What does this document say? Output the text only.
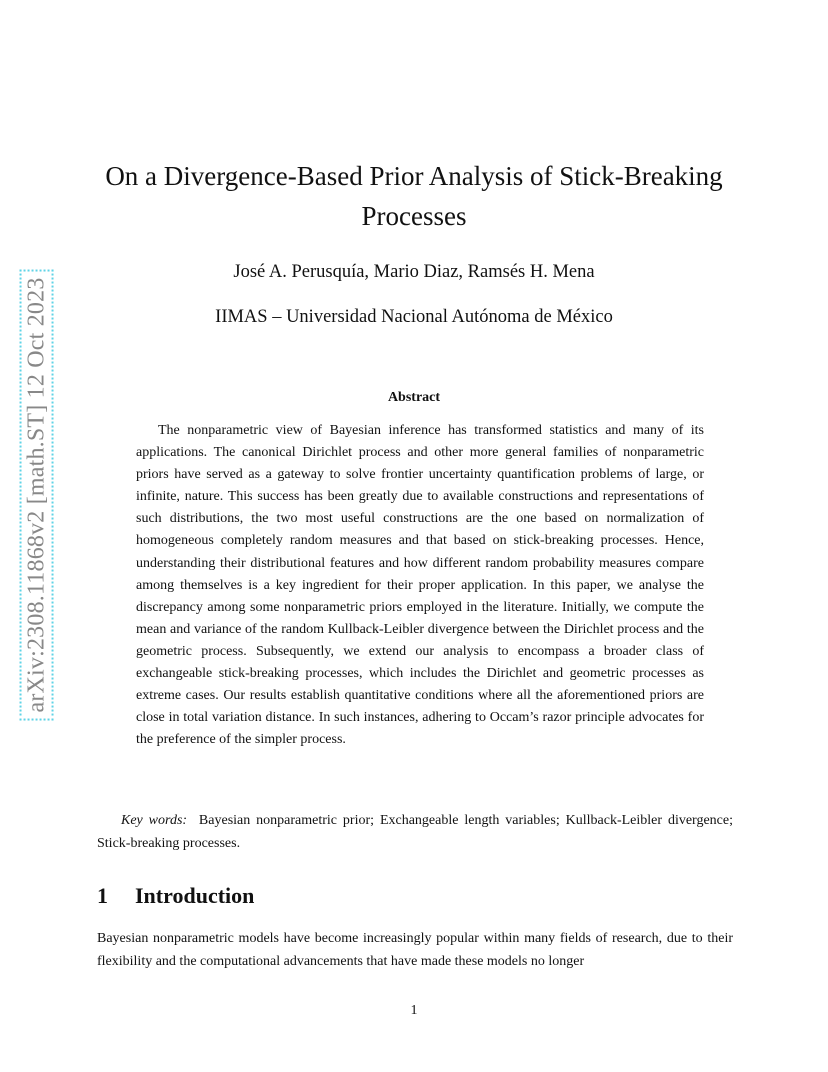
arXiv:2308.11868v2 [math.ST] 12 Oct 2023
On a Divergence-Based Prior Analysis of Stick-Breaking Processes
José A. Perusquía, Mario Diaz, Ramsés H. Mena
IIMAS – Universidad Nacional Autónoma de México
Abstract

The nonparametric view of Bayesian inference has transformed statistics and many of its applications. The canonical Dirichlet process and other more general families of nonparametric priors have served as a gateway to solve frontier uncertainty quantification problems of large, or infinite, nature. This success has been greatly due to available constructions and representations of such distributions, the two most useful constructions are the one based on normalization of homogeneous completely random measures and that based on stick-breaking processes. Hence, understanding their distributional features and how different random probability measures compare among themselves is a key ingredient for their proper application. In this paper, we analyse the discrepancy among some nonparametric priors employed in the literature. Initially, we compute the mean and variance of the random Kullback-Leibler divergence between the Dirichlet process and the geometric process. Subsequently, we extend our analysis to encompass a broader class of exchangeable stick-breaking processes, which includes the Dirichlet and geometric processes as extreme cases. Our results establish quantitative conditions where all the aforementioned priors are close in total variation distance. In such instances, adhering to Occam’s razor principle advocates for the preference of the simpler process.

Key words: Bayesian nonparametric prior; Exchangeable length variables; Kullback-Leibler divergence; Stick-breaking processes.

1 Introduction

Bayesian nonparametric models have become increasingly popular within many fields of research, due to their flexibility and the computational advancements that have made these models no longer

1
